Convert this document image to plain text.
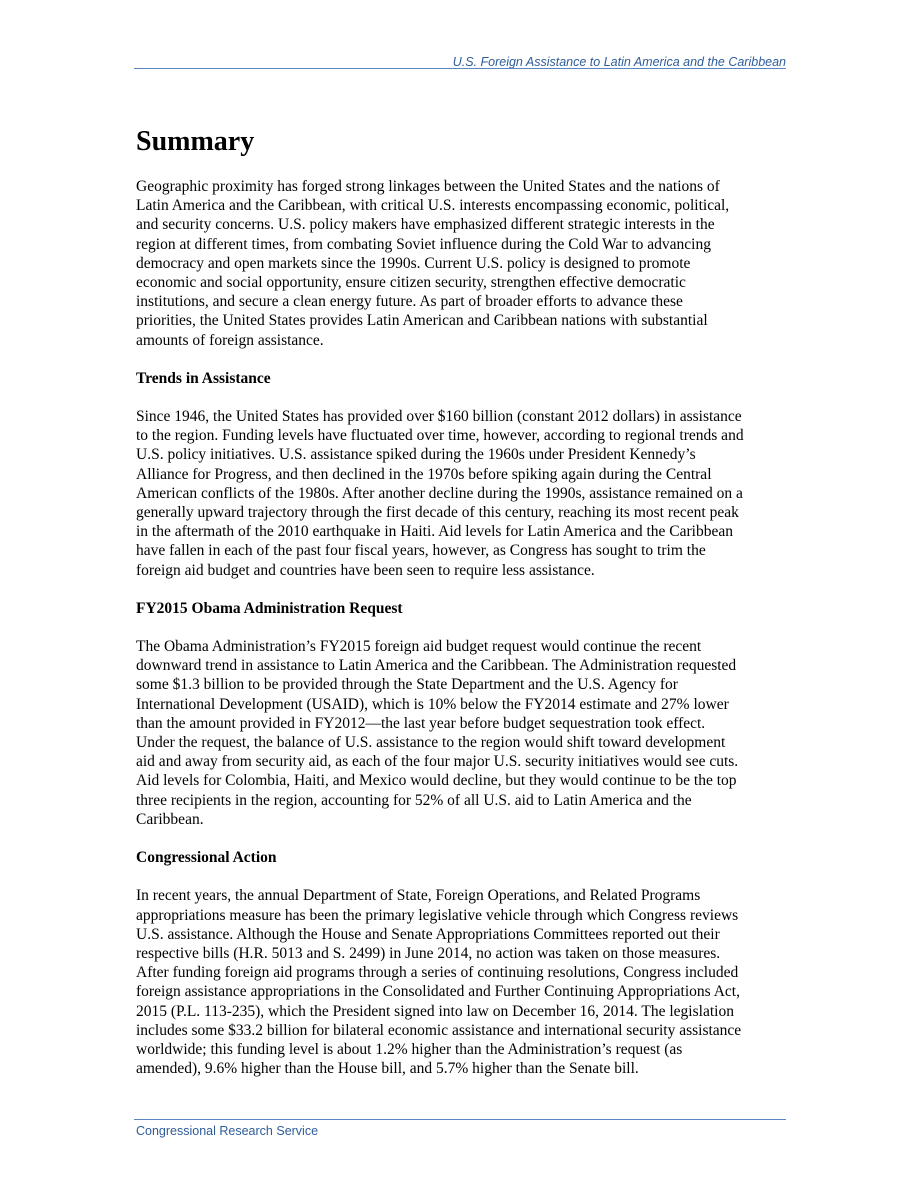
U.S. Foreign Assistance to Latin America and the Caribbean
Summary

Geographic proximity has forged strong linkages between the United States and the nations of
Latin America and the Caribbean, with critical U.S. interests encompassing economic, political,
and security concerns. U.S. policy makers have emphasized different strategic interests in the
region at different times, from combating Soviet influence during the Cold War to advancing
democracy and open markets since the 1990s. Current U.S. policy is designed to promote
economic and social opportunity, ensure citizen security, strengthen effective democratic
institutions, and secure a clean energy future. As part of broader efforts to advance these
priorities, the United States provides Latin American and Caribbean nations with substantial
amounts of foreign assistance.

Trends in Assistance

Since 1946, the United States has provided over $160 billion (constant 2012 dollars) in assistance
to the region. Funding levels have fluctuated over time, however, according to regional trends and
U.S. policy initiatives. U.S. assistance spiked during the 1960s under President Kennedy’s
Alliance for Progress, and then declined in the 1970s before spiking again during the Central
American conflicts of the 1980s. After another decline during the 1990s, assistance remained on a
generally upward trajectory through the first decade of this century, reaching its most recent peak
in the aftermath of the 2010 earthquake in Haiti. Aid levels for Latin America and the Caribbean
have fallen in each of the past four fiscal years, however, as Congress has sought to trim the
foreign aid budget and countries have been seen to require less assistance.

FY2015 Obama Administration Request

The Obama Administration’s FY2015 foreign aid budget request would continue the recent
downward trend in assistance to Latin America and the Caribbean. The Administration requested
some $1.3 billion to be provided through the State Department and the U.S. Agency for
International Development (USAID), which is 10% below the FY2014 estimate and 27% lower
than the amount provided in FY2012—the last year before budget sequestration took effect.
Under the request, the balance of U.S. assistance to the region would shift toward development
aid and away from security aid, as each of the four major U.S. security initiatives would see cuts.
Aid levels for Colombia, Haiti, and Mexico would decline, but they would continue to be the top
three recipients in the region, accounting for 52% of all U.S. aid to Latin America and the
Caribbean.

Congressional Action

In recent years, the annual Department of State, Foreign Operations, and Related Programs
appropriations measure has been the primary legislative vehicle through which Congress reviews
U.S. assistance. Although the House and Senate Appropriations Committees reported out their
respective bills (H.R. 5013 and S. 2499) in June 2014, no action was taken on those measures.
After funding foreign aid programs through a series of continuing resolutions, Congress included
foreign assistance appropriations in the Consolidated and Further Continuing Appropriations Act,
2015 (P.L. 113-235), which the President signed into law on December 16, 2014. The legislation
includes some $33.2 billion for bilateral economic assistance and international security assistance
worldwide; this funding level is about 1.2% higher than the Administration’s request (as
amended), 9.6% higher than the House bill, and 5.7% higher than the Senate bill.

Congressional Research Service
